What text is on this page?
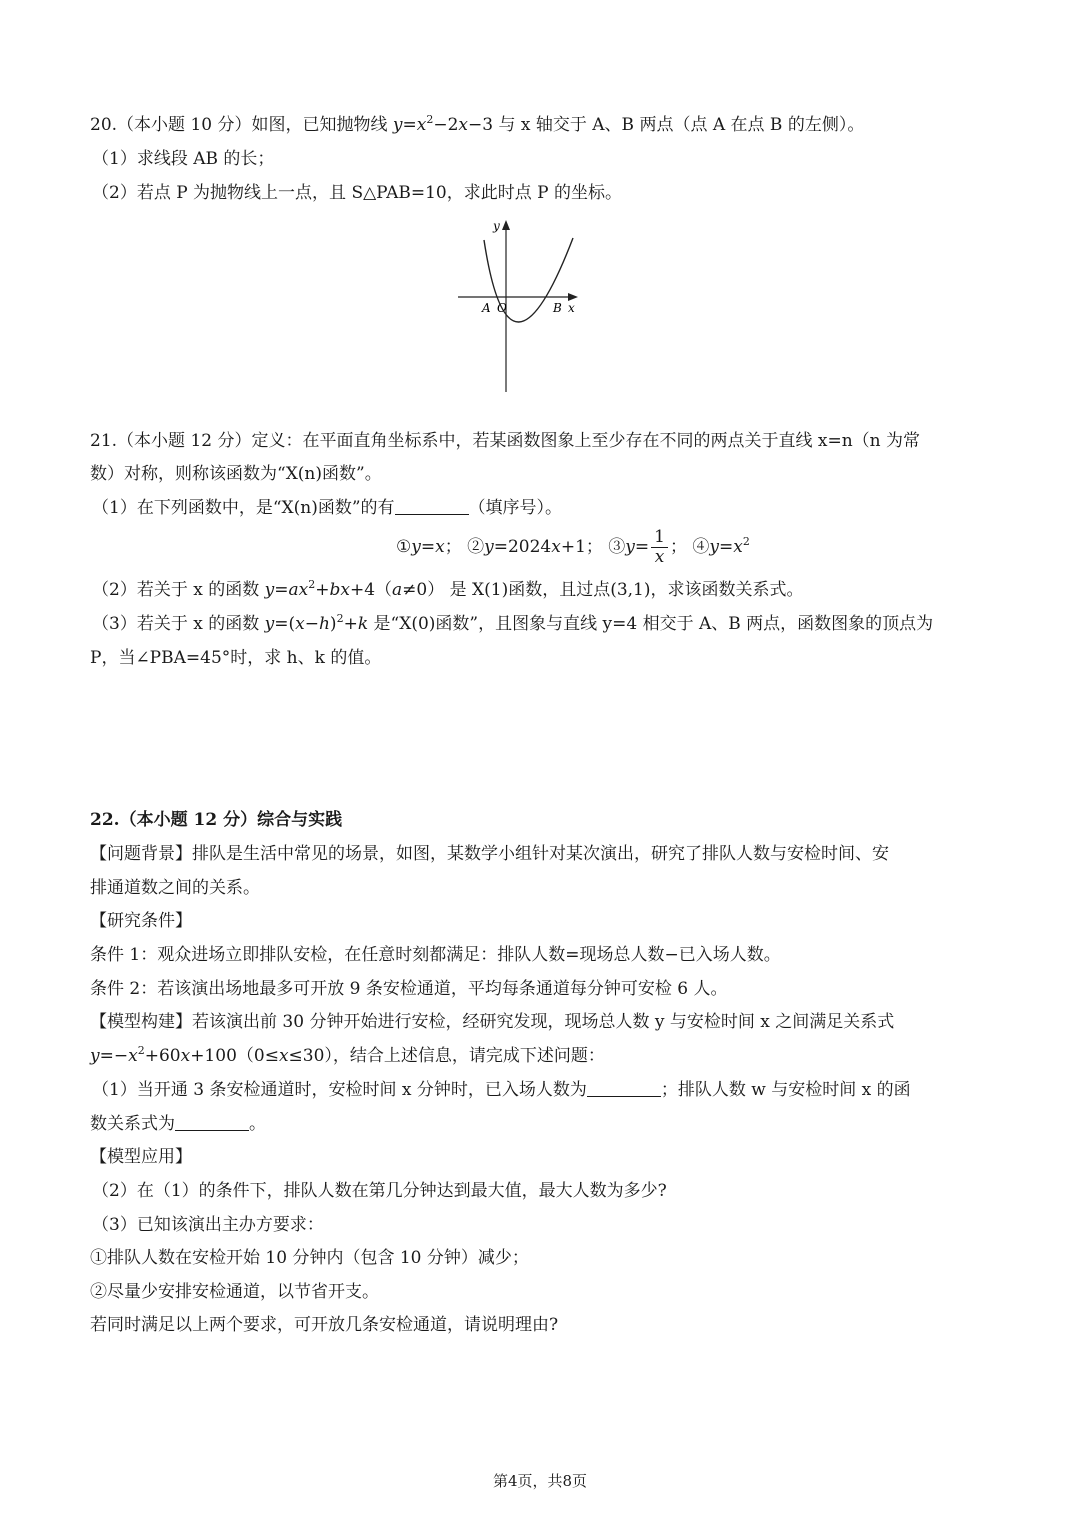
20.（本小题 10 分）如图，已知抛物线 $y=x^2-2x-3$ 与 x 轴交于 A、B 两点（点 A 在点 B 的左侧）。
（1）求线段 AB 的长；
（2）若点 P 为抛物线上一点，且 S△PAB=10，求此时点 P 的坐标。
y
x
A O	B
21.（本小题 12 分）定义：在平面直角坐标系中，若某函数图象上至少存在不同的两点关于直线 x=n（n 为常
数）对称，则称该函数为“X(n)函数”。
（1）在下列函数中，是“X(n)函数”的有	（填序号）。
①y=x； ②y=2024x+1； ③y= $\frac{1}{x}$ ； $④y=x^2$
（2）若关于 x 的函数 $y=ax^2+bx+4(a\ne 0)$ 是 X(1)函数，且过点(3,1)，求该函数关系式。
（3）若关于 x 的函数 $y=(x-h)^2+k$ 是“X(0)函数”，且图象与直线 y=4 相交于 A、B 两点，函数图象的顶点为
P，当∠PBA=45°时，求 h、k 的值。
22.（本小题 12 分）综合与实践
【问题背景】排队是生活中常见的场景，如图，某数学小组针对某次演出，研究了排队人数与安检时间、安
排通道数之间的关系。
【研究条件】
条件 1：观众进场立即排队安检，在任意时刻都满足：排队人数=现场总人数−已入场人数。
条件 2：若该演出场地最多可开放 9 条安检通道，平均每条通道每分钟可安检 6 人。
【模型构建】若该演出前 30 分钟开始进行安检，经研究发现，现场总人数 y 与安检时间 x 之间满足关系式
$y=-x^2+60x+100(0\le x\le 30)$，结合上述信息，请完成下述问题：
（1）当开通 3 条安检通道时，安检时间 x 分钟时，已入场人数为	；排队人数 w 与安检时间 x 的函
数关系式为	。
【模型应用】
（2）在（1）的条件下，排队人数在第几分钟达到最大值，最大人数为多少?
（3）已知该演出主办方要求：
①排队人数在安检开始 10 分钟内（包含 10 分钟）减少；
②尽量少安排安检通道，以节省开支。
若同时满足以上两个要求，可开放几条安检通道，请说明理由?
第4页，共8页
